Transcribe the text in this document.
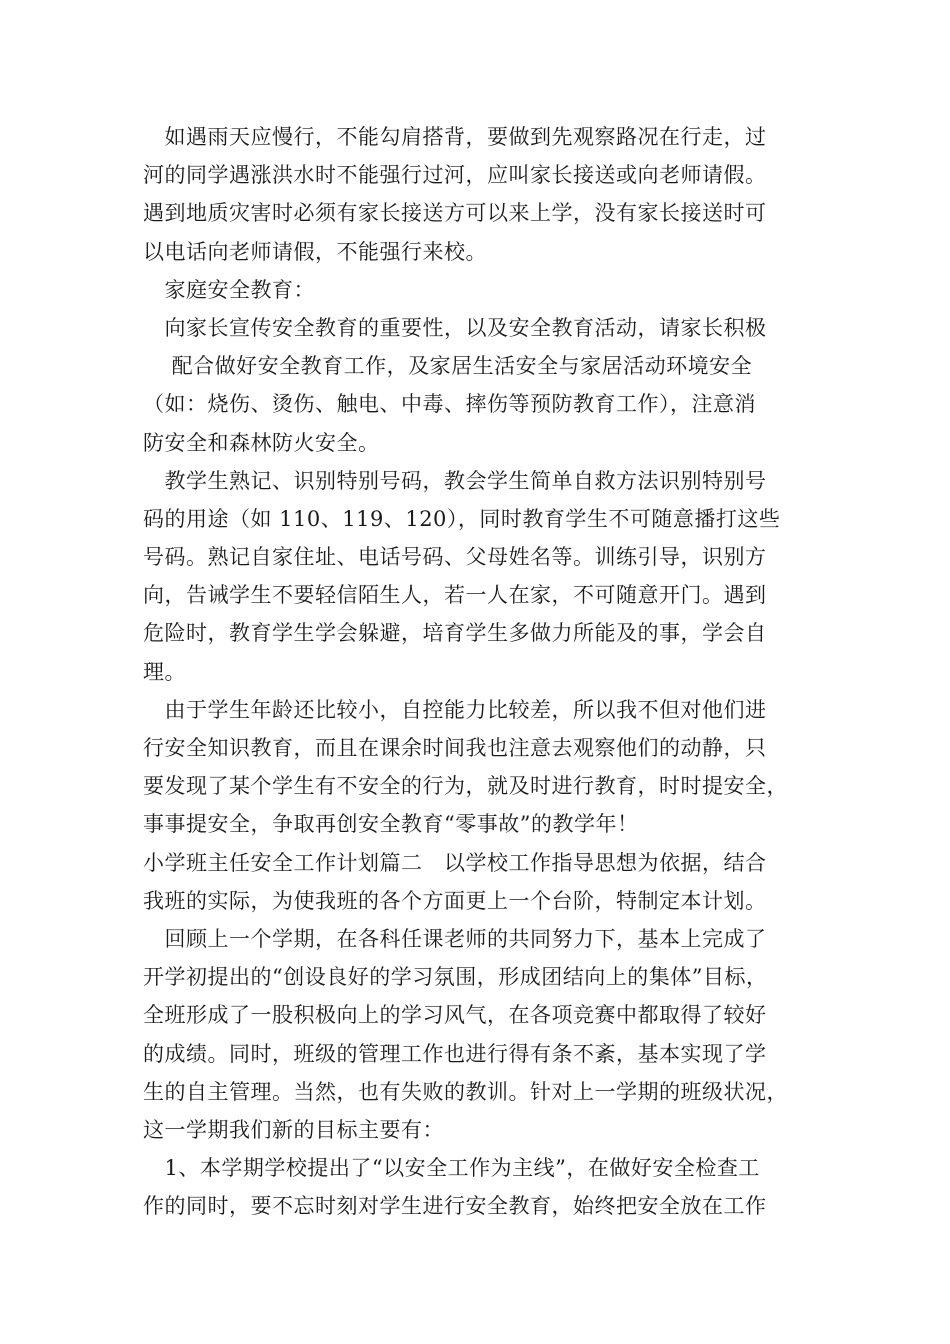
　如遇雨天应慢行，不能勾肩搭背，要做到先观察路况在行走，过
河的同学遇涨洪水时不能强行过河，应叫家长接送或向老师请假。
遇到地质灾害时必须有家长接送方可以来上学，没有家长接送时可
以电话向老师请假，不能强行来校。
　家庭安全教育：
　向家长宣传安全教育的重要性，以及安全教育活动，请家长积极
　 配合做好安全教育工作，及家居生活安全与家居活动环境安全
（如：烧伤、烫伤、触电、中毒、摔伤等预防教育工作），注意消
防安全和森林防火安全。
　教学生熟记、识别特别号码，教会学生简单自救方法识别特别号
码的用途（如 110、119、120），同时教育学生不可随意播打这些
号码。熟记自家住址、电话号码、父母姓名等。训练引导，识别方
向，告诫学生不要轻信陌生人，若一人在家，不可随意开门。遇到
危险时，教育学生学会躲避，培育学生多做力所能及的事，学会自
理。
　由于学生年龄还比较小，自控能力比较差，所以我不但对他们进
行安全知识教育，而且在课余时间我也注意去观察他们的动静，只
要发现了某个学生有不安全的行为，就及时进行教育，时时提安全，
事事提安全，争取再创安全教育“零事故”的教学年！
小学班主任安全工作计划篇二　以学校工作指导思想为依据，结合
我班的实际，为使我班的各个方面更上一个台阶，特制定本计划。
　回顾上一个学期，在各科任课老师的共同努力下，基本上完成了
开学初提出的“创设良好的学习氛围，形成团结向上的集体”目标，
全班形成了一股积极向上的学习风气，在各项竞赛中都取得了较好
的成绩。同时，班级的管理工作也进行得有条不紊，基本实现了学
生的自主管理。当然，也有失败的教训。针对上一学期的班级状况，
这一学期我们新的目标主要有：
　1、本学期学校提出了“以安全工作为主线”，在做好安全检查工
作的同时，要不忘时刻对学生进行安全教育，始终把安全放在工作
